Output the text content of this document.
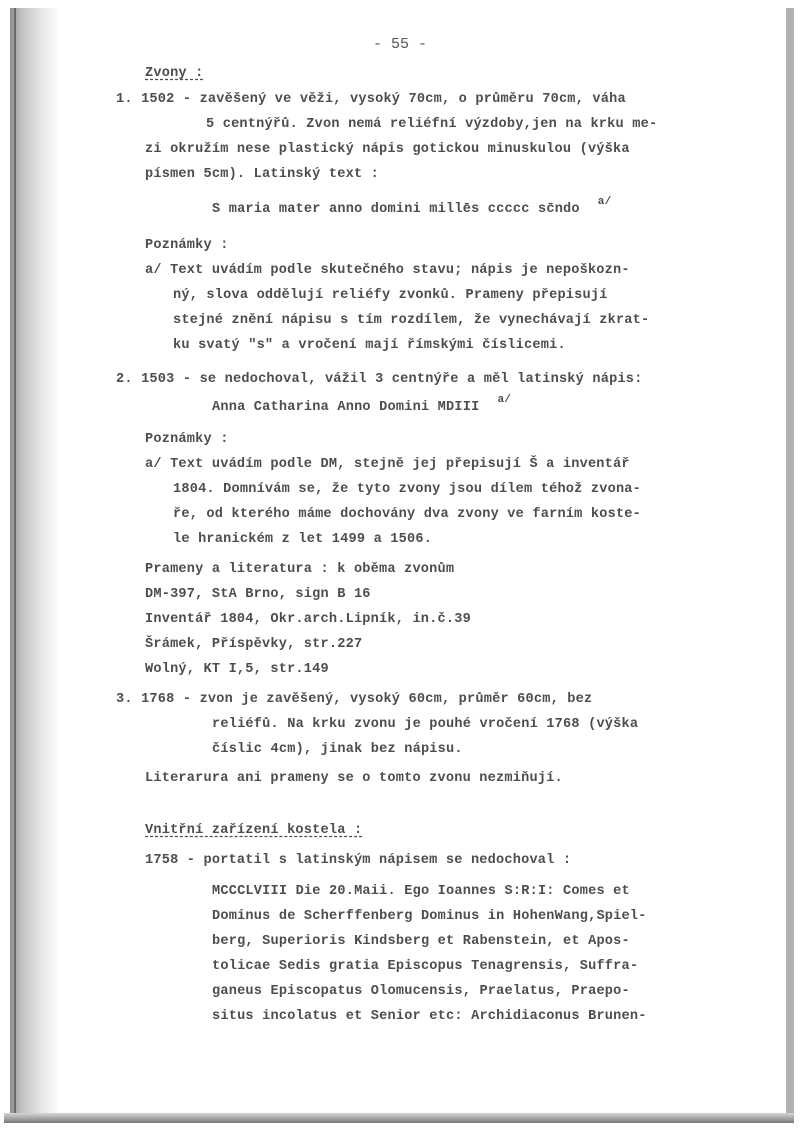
- 55 -
Zvony :
1. 1502 - zavěšený ve věži, vysoký 70cm, o průměru 70cm, váha
5 centnýřů. Zvon nemá reliéfní výzdoby,jen na krku me-
zi okružím nese plastický nápis gotickou minuskulou (výška
písmen 5cm). Latinský text :
S maria mater anno domini millēs ccccc sc̄ndo $^{a/}$
Poznámky :
a/ Text uvádím podle skutečného stavu; nápis je nepoškozn-
ný, slova oddělují reliéfy zvonků. Prameny přepisují
stejné znění nápisu s tím rozdílem, že vynechávají zkrat-
ku svatý "s" a vročení mají římskými číslicemi.
2. 1503 - se nedochoval, vážil 3 centnýře a měl latinský nápis:
Anna Catharina Anno Domini MDIII $^{a/}$
Poznámky :
a/ Text uvádím podle DM, stejně jej přepisují Š a inventář
1804. Domnívám se, že tyto zvony jsou dílem téhož zvona-
ře, od kterého máme dochovány dva zvony ve farním koste-
le hranickém z let 1499 a 1506.
Prameny a literatura : k oběma zvonům
DM-397, StA Brno, sign B 16
Inventář 1804, Okr.arch.Lipník, in.č.39
Šrámek, Příspěvky, str.227
Wolný, KT I,5, str.149
3. 1768 - zvon je zavěšený, vysoký 60cm, průměr 60cm, bez
reliéfů. Na krku zvonu je pouhé vročení 1768 (výška
číslic 4cm), jinak bez nápisu.
Literarura ani prameny se o tomto zvonu nezmiňují.
Vnitřní zařízení kostela :
1758 - portatil s latinským nápisem se nedochoval :
MCCCLVIII Die 20.Maii. Ego Ioannes S:R:I: Comes et
Dominus de Scherffenberg Dominus in HohenWang,Spiel-
berg, Superioris Kindsberg et Rabenstein, et Apos-
tolicae Sedis gratia Episcopus Tenagrensis, Suffra-
ganeus Episcopatus Olomucensis, Praelatus, Praepo-
situs incolatus et Senior etc: Archidiaconus Brunen-
